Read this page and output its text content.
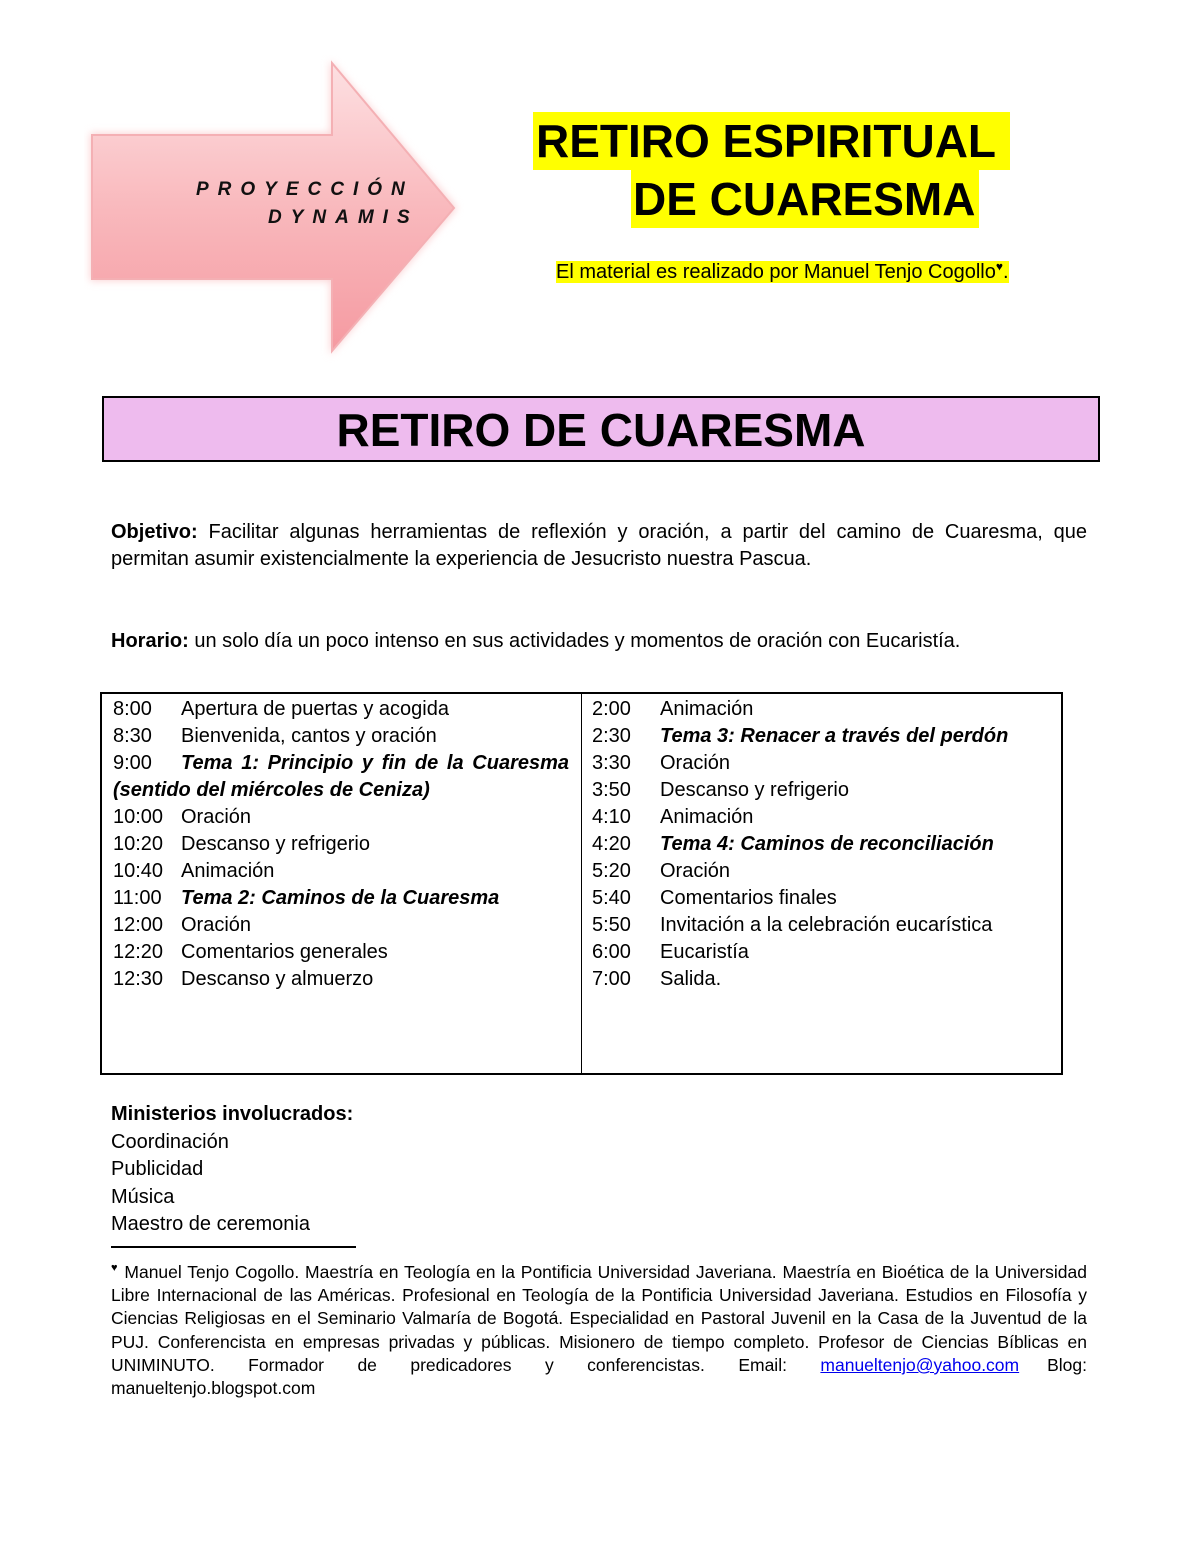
PROYECCIÓN
DYNAMIS
RETIRO ESPIRITUAL
DE CUARESMA
El material es realizado por Manuel Tenjo Cogollo♥.
RETIRO DE CUARESMA
Objetivo: Facilitar algunas herramientas de reflexión y oración, a partir del camino de Cuaresma, que permitan asumir existencialmente la experiencia de Jesucristo nuestra Pascua.
Horario: un solo día un poco intenso en sus actividades y momentos de oración con Eucaristía.
8:00 Apertura de puertas y acogida
8:30 Bienvenida, cantos y oración
9:00 Tema 1: Principio y fin de la Cuaresma (sentido del miércoles de Ceniza)
10:00 Oración
10:20 Descanso y refrigerio
10:40 Animación
11:00 Tema 2: Caminos de la Cuaresma
12:00 Oración
12:20 Comentarios generales
12:30 Descanso y almuerzo
2:00 Animación
2:30 Tema 3: Renacer a través del perdón
3:30 Oración
3:50 Descanso y refrigerio
4:10 Animación
4:20 Tema 4: Caminos de reconciliación
5:20 Oración
5:40 Comentarios finales
5:50 Invitación a la celebración eucarística
6:00 Eucaristía
7:00 Salida.
Ministerios involucrados:
Coordinación
Publicidad
Música
Maestro de ceremonia
♥ Manuel Tenjo Cogollo. Maestría en Teología en la Pontificia Universidad Javeriana. Maestría en Bioética de la Universidad Libre Internacional de las Américas. Profesional en Teología de la Pontificia Universidad Javeriana. Estudios en Filosofía y Ciencias Religiosas en el Seminario Valmaría de Bogotá. Especialidad en Pastoral Juvenil en la Casa de la Juventud de la PUJ. Conferencista en empresas privadas y públicas. Misionero de tiempo completo. Profesor de Ciencias Bíblicas en UNIMINUTO. Formador de predicadores y conferencistas. Email: manueltenjo@yahoo.com Blog: manueltenjo.blogspot.com
